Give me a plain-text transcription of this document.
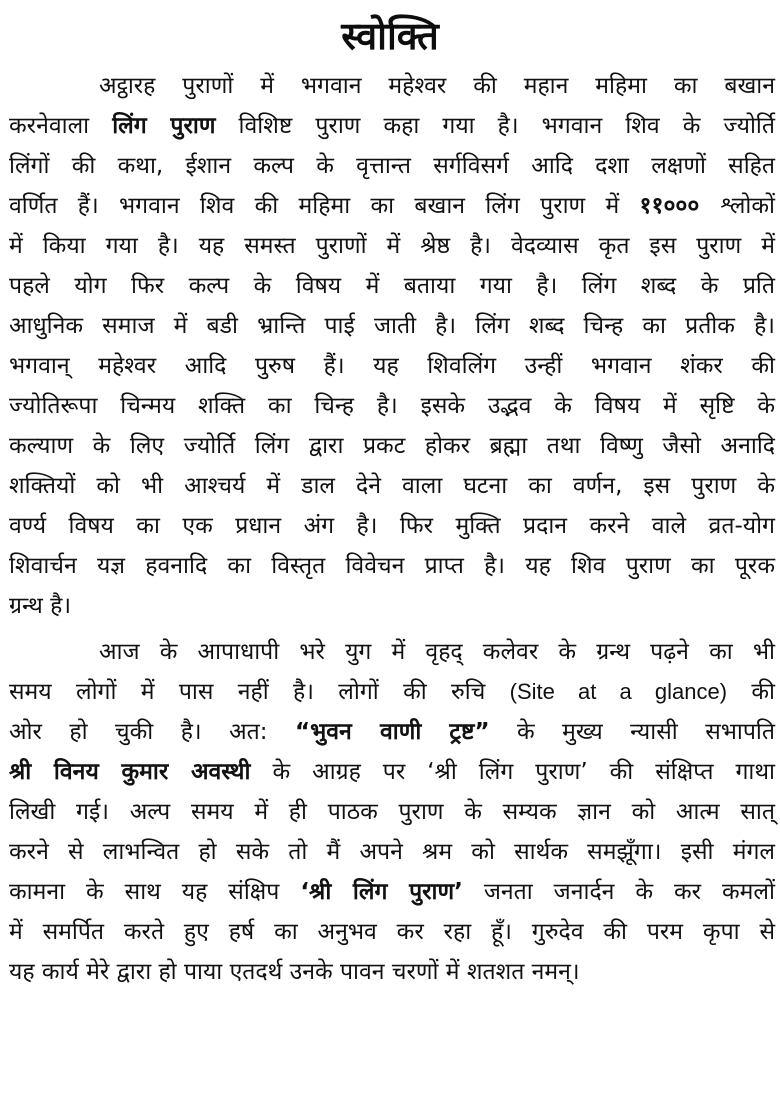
स्वोक्ति
अट्ठारह पुराणों में भगवान महेश्वर की महान महिमा का बखान
करनेवाला लिंग पुराण विशिष्ट पुराण कहा गया है। भगवान शिव के ज्योर्ति
लिंगों की कथा, ईशान कल्प के वृत्तान्त सर्गविसर्ग आदि दशा लक्षणों सहित
वर्णित हैं। भगवान शिव की महिमा का बखान लिंग पुराण में ११००० श्लोकों
में किया गया है। यह समस्त पुराणों में श्रेष्ठ है। वेदव्यास कृत इस पुराण में
पहले योग फिर कल्प के विषय में बताया गया है। लिंग शब्द के प्रति
आधुनिक समाज में बडी भ्रान्ति पाई जाती है। लिंग शब्द चिन्ह का प्रतीक है।
भगवान् महेश्वर आदि पुरुष हैं। यह शिवलिंग उन्हीं भगवान शंकर की
ज्योतिरूपा चिन्मय शक्ति का चिन्ह है। इसके उद्भव के विषय में सृष्टि के
कल्याण के लिए ज्योर्ति लिंग द्वारा प्रकट होकर ब्रह्मा तथा विष्णु जैसो अनादि
शक्तियों को भी आश्चर्य में डाल देने वाला घटना का वर्णन, इस पुराण के
वर्ण्य विषय का एक प्रधान अंग है। फिर मुक्ति प्रदान करने वाले व्रत-योग
शिवार्चन यज्ञ हवनादि का विस्तृत विवेचन प्राप्त है। यह शिव पुराण का पूरक
ग्रन्थ है।
आज के आपाधापी भरे युग में वृहद् कलेवर के ग्रन्थ पढ़ने का भी
समय लोगों में पास नहीं है। लोगों की रुचि (Site at a glance) की
ओर हो चुकी है। अत: “भुवन वाणी ट्रष्ट” के मुख्य न्यासी सभापति
श्री विनय कुमार अवस्थी के आग्रह पर ‘श्री लिंग पुराण’ की संक्षिप्त गाथा
लिखी गई। अल्प समय में ही पाठक पुराण के सम्यक ज्ञान को आत्म सात्
करने से लाभन्वित हो सके तो मैं अपने श्रम को सार्थक समझूँगा। इसी मंगल
कामना के साथ यह संक्षिप ‘श्री लिंग पुराण’ जनता जनार्दन के कर कमलों
में समर्पित करते हुए हर्ष का अनुभव कर रहा हूँ। गुरुदेव की परम कृपा से
यह कार्य मेरे द्वारा हो पाया एतदर्थ उनके पावन चरणों में शतशत नमन्।
